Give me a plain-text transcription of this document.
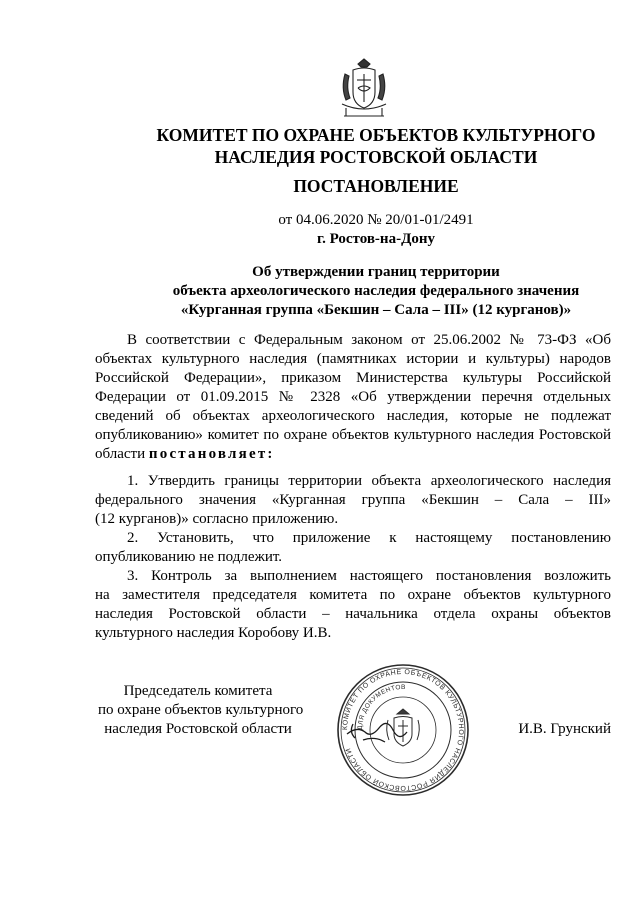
КОМИТЕТ ПО ОХРАНЕ ОБЪЕКТОВ КУЛЬТУРНОГО
НАСЛЕДИЯ РОСТОВСКОЙ ОБЛАСТИ
ПОСТАНОВЛЕНИЕ
от 04.06.2020 № 20/01-01/2491
г. Ростов-на-Дону
Об утверждении границ территории
объекта археологического наследия федерального значения
«Курганная группа «Бекшин – Сала – III» (12 курганов)»
В соответствии с Федеральным законом от 25.06.2002 № 73-ФЗ «Об
объектах культурного наследия (памятниках истории и культуры) народов
Российской Федерации», приказом Министерства культуры Российской
Федерации от 01.09.2015 № 2328 «Об утверждении перечня отдельных
сведений об объектах археологического наследия, которые не подлежат
опубликованию» комитет по охране объектов культурного наследия Ростовской
области постановляет:
1. Утвердить границы территории объекта археологического наследия
федерального значения «Курганная группа «Бекшин – Сала – III»
(12 курганов)» согласно приложению.
2. Установить, что приложение к настоящему постановлению
опубликованию не подлежит.
3. Контроль за выполнением настоящего постановления возложить
на заместителя председателя комитета по охране объектов культурного
наследия Ростовской области – начальника отдела охраны объектов
культурного наследия Коробову И.В.
Председатель комитета
по охране объектов культурного
наследия Ростовской области	КОМИТЕТ ПО ОХРАНЕ ОБЪЕКТОВ КУЛЬТУРНОГО НАСЛЕДИЯ РОСТОВСКОЙ ОБЛАСТИ
ДЛЯ ДОКУМЕНТОВ
И.В. Грунский
